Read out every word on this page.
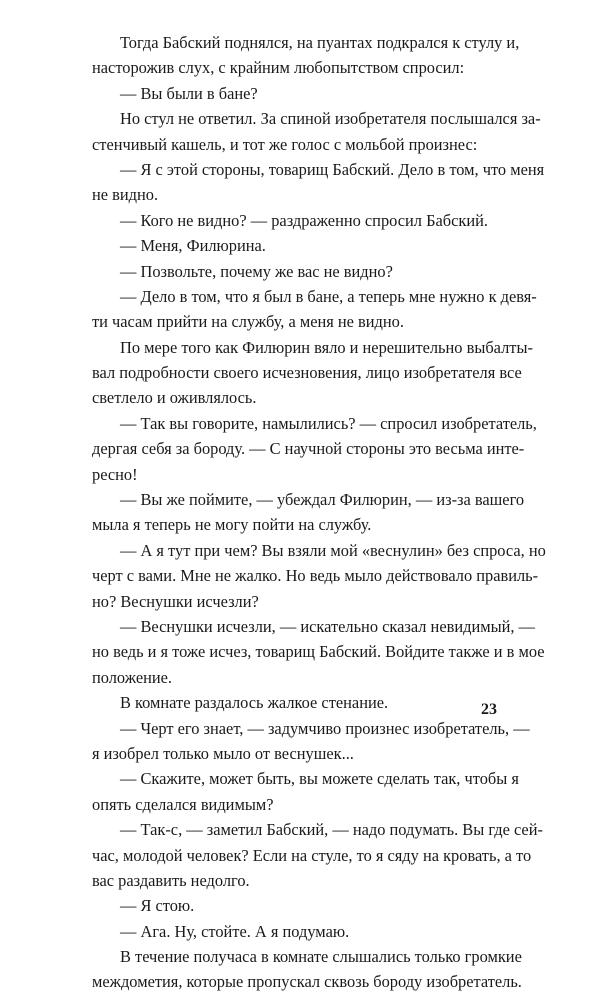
Тогда Бабский поднялся, на пуантах подкрался к стулу и,
насторожив слух, с крайним любопытством спросил:
— Вы были в бане?
Но стул не ответил. За спиной изобретателя послышался за-
стенчивый кашель, и тот же голос с мольбой произнес:
— Я с этой стороны, товарищ Бабский. Дело в том, что меня
не видно.
— Кого не видно? — раздраженно спросил Бабский.
— Меня, Филюрина.
— Позвольте, почему же вас не видно?
— Дело в том, что я был в бане, а теперь мне нужно к девя-
ти часам прийти на службу, а меня не видно.
По мере того как Филюрин вяло и нерешительно выбалты-
вал подробности своего исчезновения, лицо изобретателя все
светлело и оживлялось.
— Так вы говорите, намылились? — спросил изобретатель,
дергая себя за бороду. — С научной стороны это весьма инте-
ресно!
— Вы же поймите, — убеждал Филюрин, — из-за вашего
мыла я теперь не могу пойти на службу.
— А я тут при чем? Вы взяли мой «веснулин» без спроса, но
черт с вами. Мне не жалко. Но ведь мыло действовало правиль-
но? Веснушки исчезли?
— Веснушки исчезли, — искательно сказал невидимый, —
но ведь и я тоже исчез, товарищ Бабский. Войдите также и в мое
положение.
В комнате раздалось жалкое стенание.
— Черт его знает, — задумчиво произнес изобретатель, —
я изобрел только мыло от веснушек...
— Скажите, может быть, вы можете сделать так, чтобы я
опять сделался видимым?
— Так-с, — заметил Бабский, — надо подумать. Вы где сей-
час, молодой человек? Если на стуле, то я сяду на кровать, а то
вас раздавить недолго.
— Я стою.
— Ага. Ну, стойте. А я подумаю.
В течение получаса в комнате слышались только громкие
междометия, которые пропускал сквозь бороду изобретатель.
23
